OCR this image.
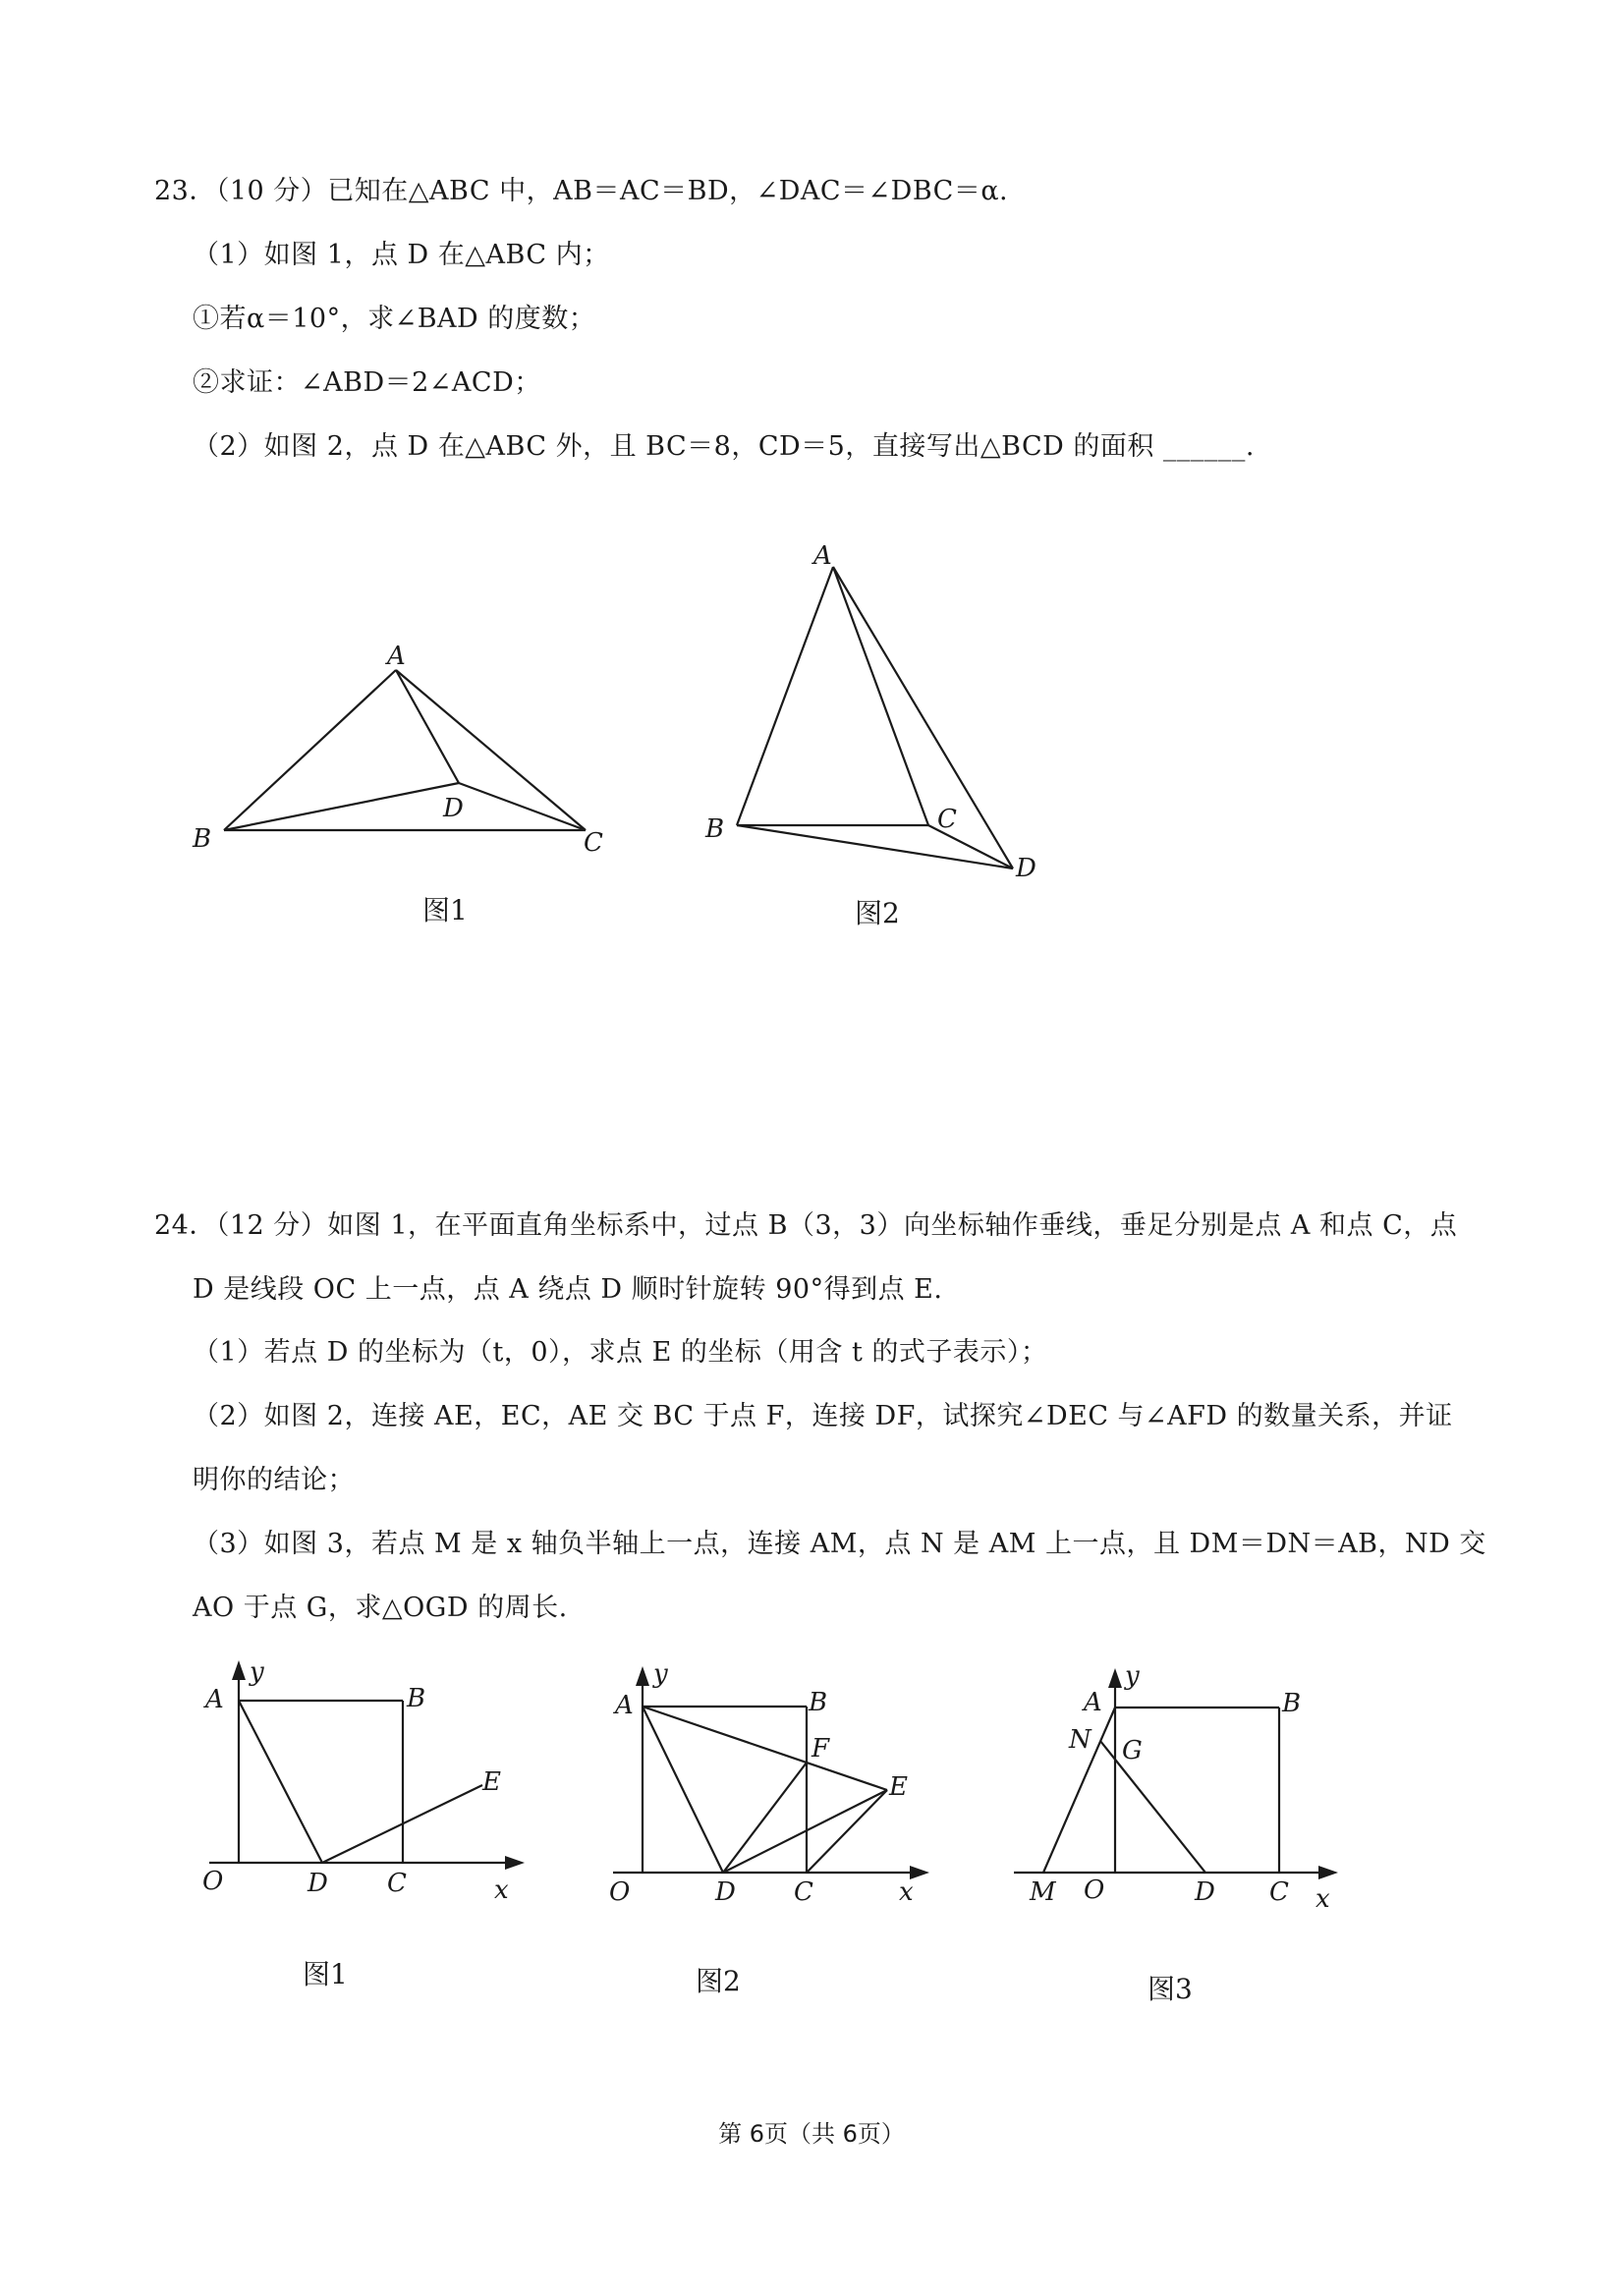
23．（10 分）已知在△ABC 中，AB＝AC＝BD，∠DAC＝∠DBC＝α.
（1）如图 1，点 D 在△ABC 内；
①若α＝10°，求∠BAD 的度数；
②求证：∠ABD＝2∠ACD；
（2）如图 2，点 D 在△ABC 外，且 BC＝8，CD＝5，直接写出△BCD 的面积 ______.
A
B	C
D
图1
A
B	C
D
图2
24．（12 分）如图 1，在平面直角坐标系中，过点 B（3，3）向坐标轴作垂线，垂足分别是点 A 和点 C，点
D 是线段 OC 上一点，点 A 绕点 D 顺时针旋转 90°得到点 E.
（1）若点 D 的坐标为（t，0），求点 E 的坐标（用含 t 的式子表示）；
（2）如图 2，连接 AE，EC，AE 交 BC 于点 F，连接 DF，试探究∠DEC 与∠AFD 的数量关系，并证
明你的结论；
（3）如图 3，若点 M 是 x 轴负半轴上一点，连接 AM，点 N 是 AM 上一点，且 DM＝DN＝AB，ND 交
AO 于点 G，求△OGD 的周长.
y
A	B
E
O	D C	x
图1
y
A	B
F
E
O	D C	x
图2
y
A	B
N G
M O	D C x
图3
第 6页（共 6页）
